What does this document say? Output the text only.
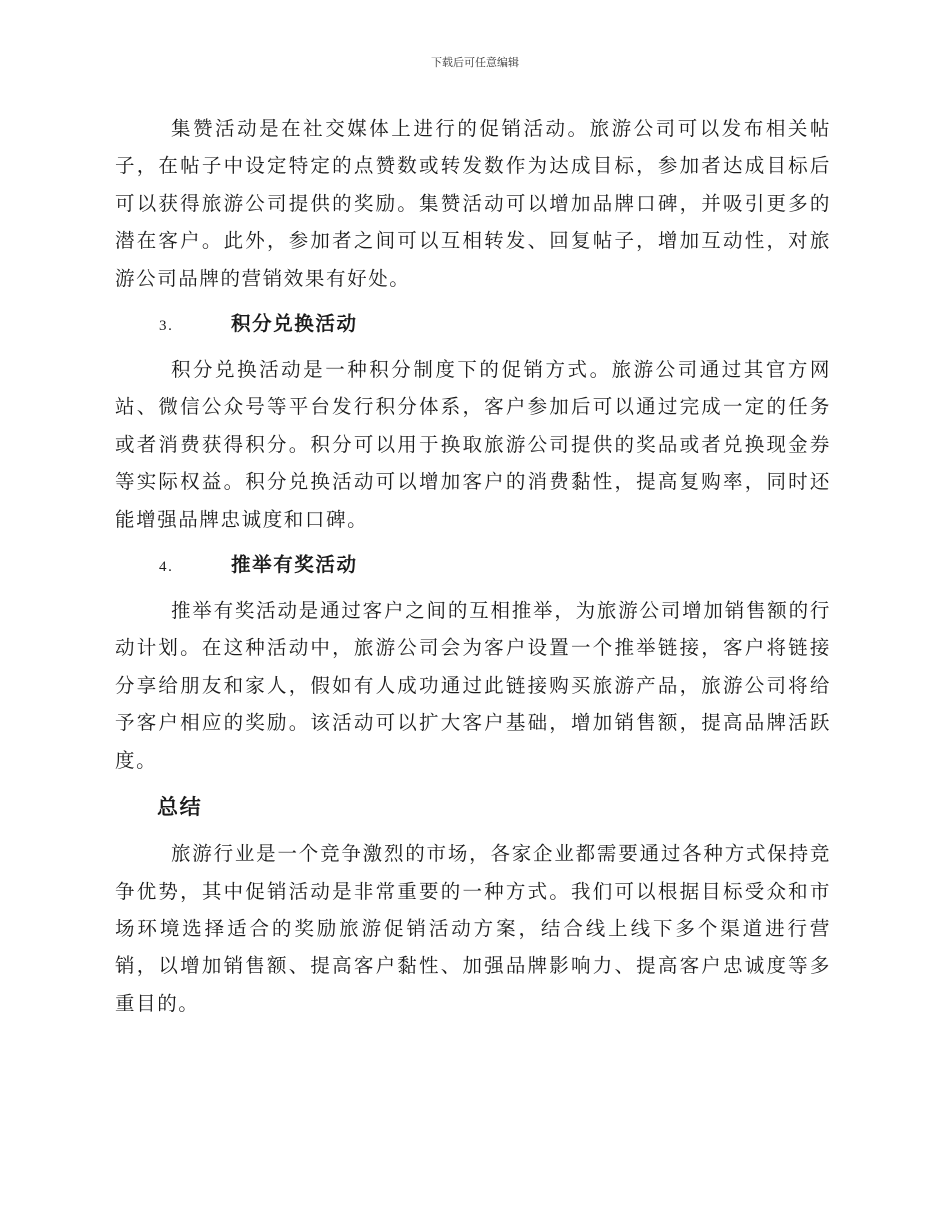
下载后可任意编辑

集赞活动是在社交媒体上进行的促销活动。旅游公司可以发布相关帖子，在帖子中设定特定的点赞数或转发数作为达成目标，参加者达成目标后可以获得旅游公司提供的奖励。集赞活动可以增加品牌口碑，并吸引更多的潜在客户。此外，参加者之间可以互相转发、回复帖子，增加互动性，对旅游公司品牌的营销效果有好处。

3.	积分兑换活动

积分兑换活动是一种积分制度下的促销方式。旅游公司通过其官方网站、微信公众号等平台发行积分体系，客户参加后可以通过完成一定的任务或者消费获得积分。积分可以用于换取旅游公司提供的奖品或者兑换现金券等实际权益。积分兑换活动可以增加客户的消费黏性，提高复购率，同时还能增强品牌忠诚度和口碑。

4.	推举有奖活动

推举有奖活动是通过客户之间的互相推举，为旅游公司增加销售额的行动计划。在这种活动中，旅游公司会为客户设置一个推举链接，客户将链接分享给朋友和家人，假如有人成功通过此链接购买旅游产品，旅游公司将给予客户相应的奖励。该活动可以扩大客户基础，增加销售额，提高品牌活跃度。

总结

旅游行业是一个竞争激烈的市场，各家企业都需要通过各种方式保持竞争优势，其中促销活动是非常重要的一种方式。我们可以根据目标受众和市场环境选择适合的奖励旅游促销活动方案，结合线上线下多个渠道进行营销，以增加销售额、提高客户黏性、加强品牌影响力、提高客户忠诚度等多重目的。
